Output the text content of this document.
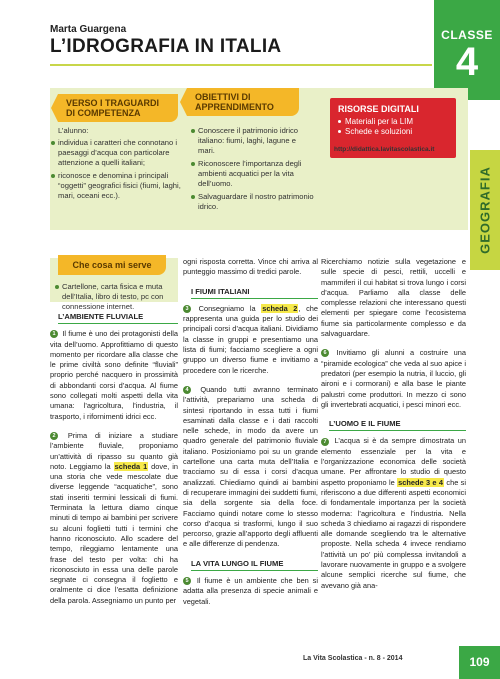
Marta Guargena
L’IDROGRAFIA IN ITALIA
CLASSE
4
GEOGRAFIA
VERSO I TRAGUARDI DI COMPETENZA
OBIETTIVI DI APPRENDIMENTO
L’alunno:
individua i caratteri che connotano i paesaggi d’acqua con particolare attenzione a quelli italiani;
riconosce e denomina i principali “oggetti” geografici fisici (fiumi, laghi, mari, oceani ecc.).
Conoscere il patrimonio idrico italiano: fiumi, laghi, lagune e mari.
Riconoscere l’importanza degli ambienti acquatici per la vita dell’uomo.
Salvaguardare il nostro patrimonio idrico.
RISORSE DIGITALI
Materiali per la LIM
Schede e soluzioni
http://didattica.lavitascolastica.it
Che cosa mi serve
Cartellone, carta fisica e muta dell’Italia, libro di testo, pc con connessione internet.
L’AMBIENTE FLUVIALE

1 Il fiume è uno dei protagonisti della vita dell’uomo. Approfittiamo di questo momento per ricordare alla classe che le prime civiltà sono definite “fluviali” proprio perché nacquero in prossimità di abbondanti corsi d’acqua. Al fiume sono collegati molti aspetti della vita umana: l’agricoltura, l’industria, il trasporto, i rifornimenti idrici ecc.

2 Prima di iniziare a studiare l’ambiente fluviale, proponiamo un’attività di ripasso su quanto già noto. Leggiamo la scheda 1 dove, in una storia che vede mescolate due diverse leggende “acquatiche”, sono stati inseriti termini lessicali di fiumi. Terminata la lettura diamo cinque minuti di tempo ai bambini per scrivere su alcuni foglietti tutti i termini che hanno riconosciuto. Allo scadere del tempo, rileggiamo lentamente una frase del testo per volta: chi ha riconosciuto in essa una delle parole segnate ci consegna il foglietto e oralmente ci dice l’esatta definizione della parola. Assegniamo un punto per

ogni risposta corretta. Vince chi arriva al punteggio massimo di tredici parole.

I FIUMI ITALIANI

3 Consegniamo la scheda 2, che rappresenta una guida per lo studio dei principali corsi d’acqua italiani. Dividiamo la classe in gruppi e presentiamo una lista di fiumi; facciamo scegliere a ogni gruppo un diverso fiume e invitiamo a procedere con le ricerche.

4 Quando tutti avranno terminato l’attività, prepariamo una scheda di sintesi riportando in essa tutti i fiumi esaminati dalla classe e i dati raccolti nelle schede, in modo da avere un quadro generale del patrimonio fluviale italiano. Posizioniamo poi su un grande cartellone una carta muta dell’Italia e tracciamo su di essa i corsi d’acqua analizzati. Chiediamo quindi ai bambini di recuperare immagini dei suddetti fiumi, sia della sorgente sia della foce. Facciamo quindi notare come lo stesso corso d’acqua si trasformi, lungo il suo percorso, grazie all’apporto degli affluenti e alle differenze di pendenza.

LA VITA LUNGO IL FIUME

5 Il fiume è un ambiente che ben si adatta alla presenza di specie animali e vegetali.

Ricerchiamo notizie sulla vegetazione e sulle specie di pesci, rettili, uccelli e mammiferi il cui habitat si trova lungo i corsi d’acqua. Parliamo alla classe delle complesse relazioni che interessano questi elementi per spiegare come l’ecosistema fiume sia particolarmente complesso e da salvaguardare.

6 Invitiamo gli alunni a costruire una “piramide ecologica” che veda al suo apice i predatori (per esempio la nutria, il luccio, gli aironi e i cormorani) e alla base le piante palustri come produttori. In mezzo ci sono gli invertebrati acquatici, i pesci minori ecc.

L’UOMO E IL FIUME

7 L’acqua si è da sempre dimostrata un elemento essenziale per la vita e l’organizzazione economica delle società umane. Per affrontare lo studio di questo aspetto proponiamo le schede 3 e 4 che si riferiscono a due differenti aspetti economici di fondamentale importanza per la società moderna: l’agricoltura e l’industria. Nella scheda 3 chiediamo ai ragazzi di rispondere alle domande scegliendo tra le alternative proposte. Nella scheda 4 invece rendiamo l’attività un po’ più complessa invitandoli a lavorare nuovamente in gruppo e a svolgere alcune semplici ricerche sul fiume, che avevano già ana-

La Vita Scolastica - n. 8 - 2014	109
